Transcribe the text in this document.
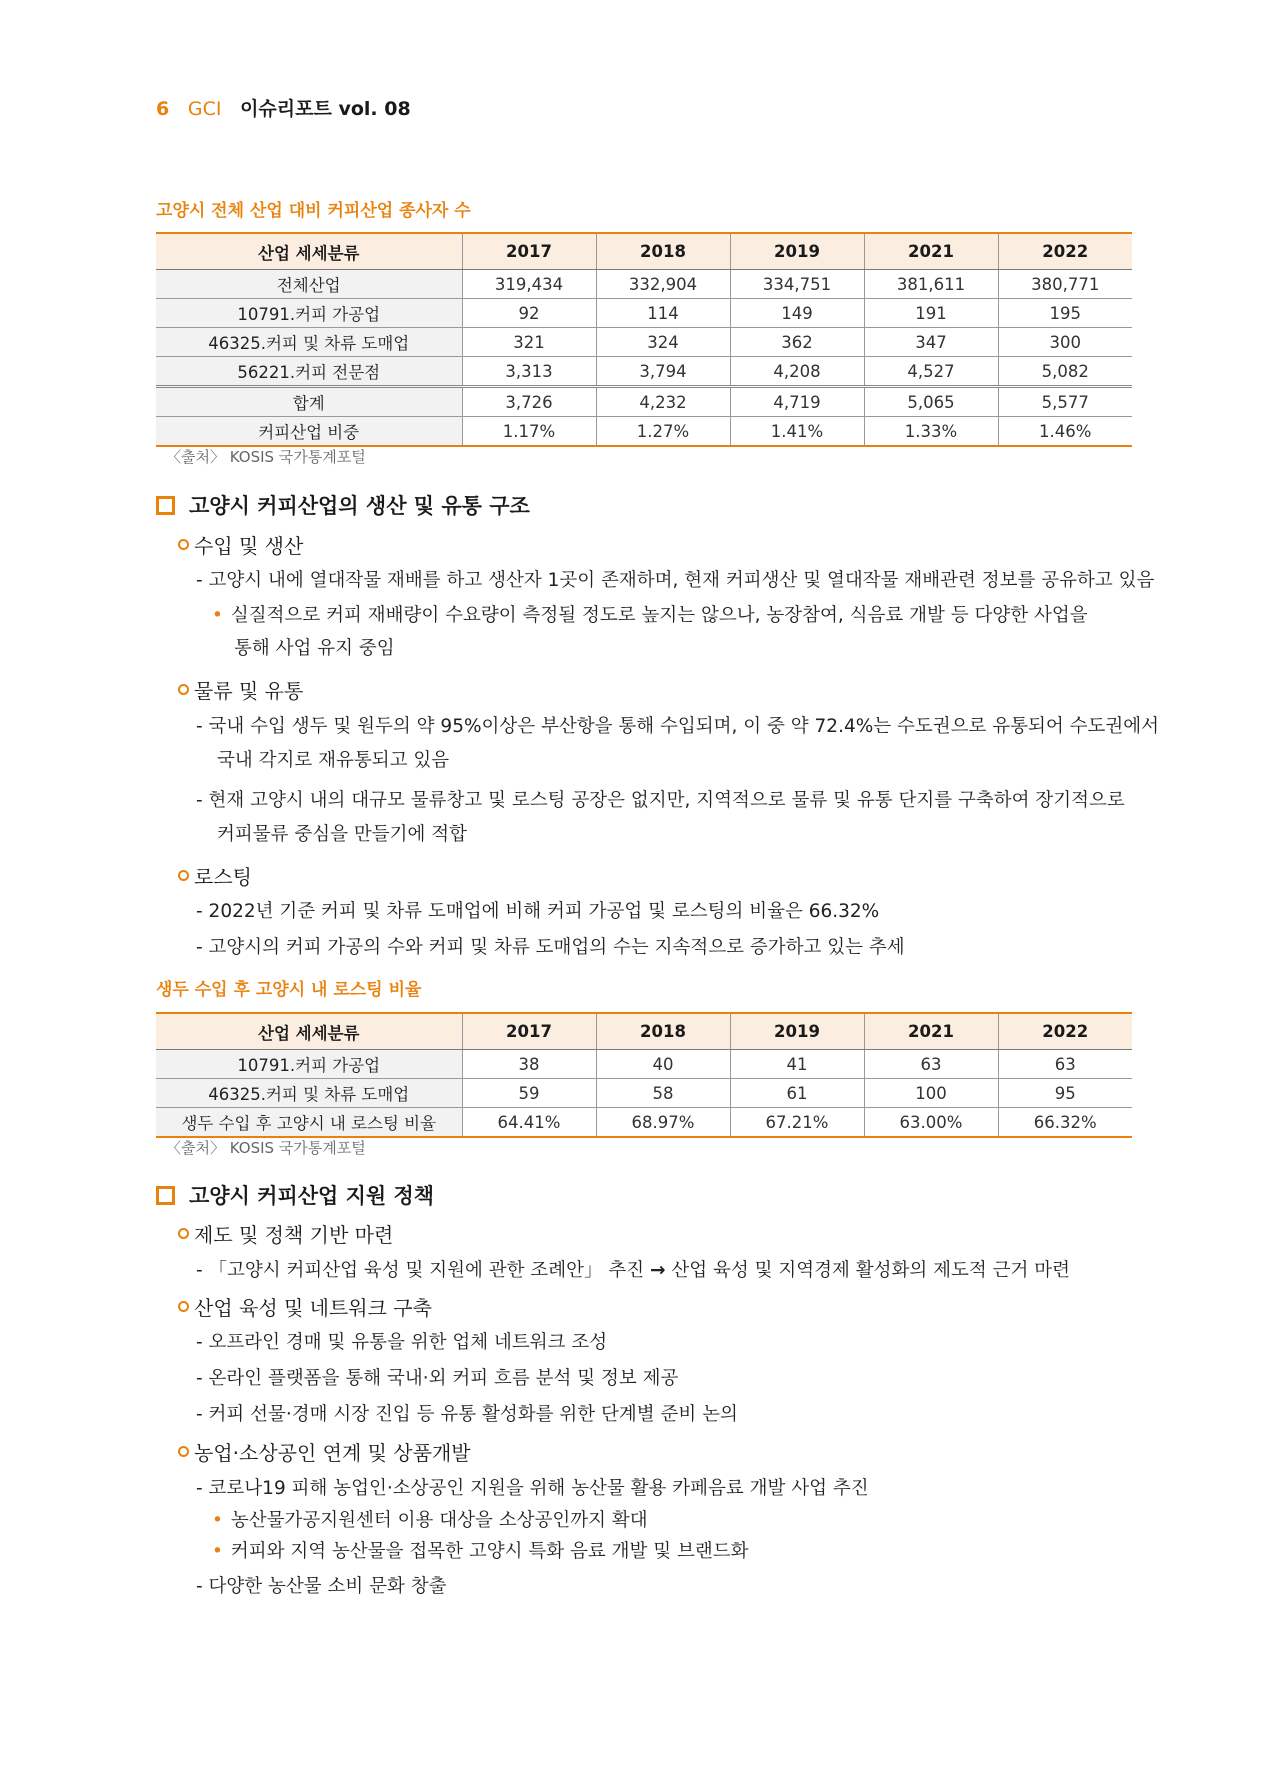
6 GCI 이슈리포트 vol. 08
고양시 전체 산업 대비 커피산업 종사자 수
산업 세세분류	2017	2018	2019	2021	2022
전체산업	319,434	332,904	334,751	381,611	380,771
10791.커피 가공업	92	114	149	191	195
46325.커피 및 차류 도매업	321	324	362	347	300
56221.커피 전문점	3,313	3,794	4,208	4,527	5,082
합계	3,726	4,232	4,719	5,065	5,577
커피산업 비중	1.17%	1.27%	1.41%	1.33%	1.46%
〈출처〉 KOSIS 국가통계포털
고양시 커피산업의 생산 및 유통 구조
수입 및 생산
- 고양시 내에 열대작물 재배를 하고 생산자 1곳이 존재하며, 현재 커피생산 및 열대작물 재배관련 정보를 공유하고 있음
• 실질적으로 커피 재배량이 수요량이 측정될 정도로 높지는 않으나, 농장참여, 식음료 개발 등 다양한 사업을
통해 사업 유지 중임
물류 및 유통
- 국내 수입 생두 및 원두의 약 95%이상은 부산항을 통해 수입되며, 이 중 약 72.4%는 수도권으로 유통되어 수도권에서
국내 각지로 재유통되고 있음
- 현재 고양시 내의 대규모 물류창고 및 로스팅 공장은 없지만, 지역적으로 물류 및 유통 단지를 구축하여 장기적으로
커피물류 중심을 만들기에 적합
로스팅
- 2022년 기준 커피 및 차류 도매업에 비해 커피 가공업 및 로스팅의 비율은 66.32%
- 고양시의 커피 가공의 수와 커피 및 차류 도매업의 수는 지속적으로 증가하고 있는 추세
생두 수입 후 고양시 내 로스팅 비율
산업 세세분류	2017	2018	2019	2021	2022
10791.커피 가공업	38	40	41	63	63
46325.커피 및 차류 도매업	59	58	61	100	95
생두 수입 후 고양시 내 로스팅 비율	64.41%	68.97%	67.21%	63.00%	66.32%
〈출처〉 KOSIS 국가통계포털
고양시 커피산업 지원 정책
제도 및 정책 기반 마련
- 「고양시 커피산업 육성 및 지원에 관한 조례안」 추진 → 산업 육성 및 지역경제 활성화의 제도적 근거 마련
산업 육성 및 네트워크 구축
- 오프라인 경매 및 유통을 위한 업체 네트워크 조성
- 온라인 플랫폼을 통해 국내·외 커피 흐름 분석 및 정보 제공
- 커피 선물·경매 시장 진입 등 유통 활성화를 위한 단계별 준비 논의
농업·소상공인 연계 및 상품개발
- 코로나19 피해 농업인·소상공인 지원을 위해 농산물 활용 카페음료 개발 사업 추진
• 농산물가공지원센터 이용 대상을 소상공인까지 확대
• 커피와 지역 농산물을 접목한 고양시 특화 음료 개발 및 브랜드화
- 다양한 농산물 소비 문화 창출
